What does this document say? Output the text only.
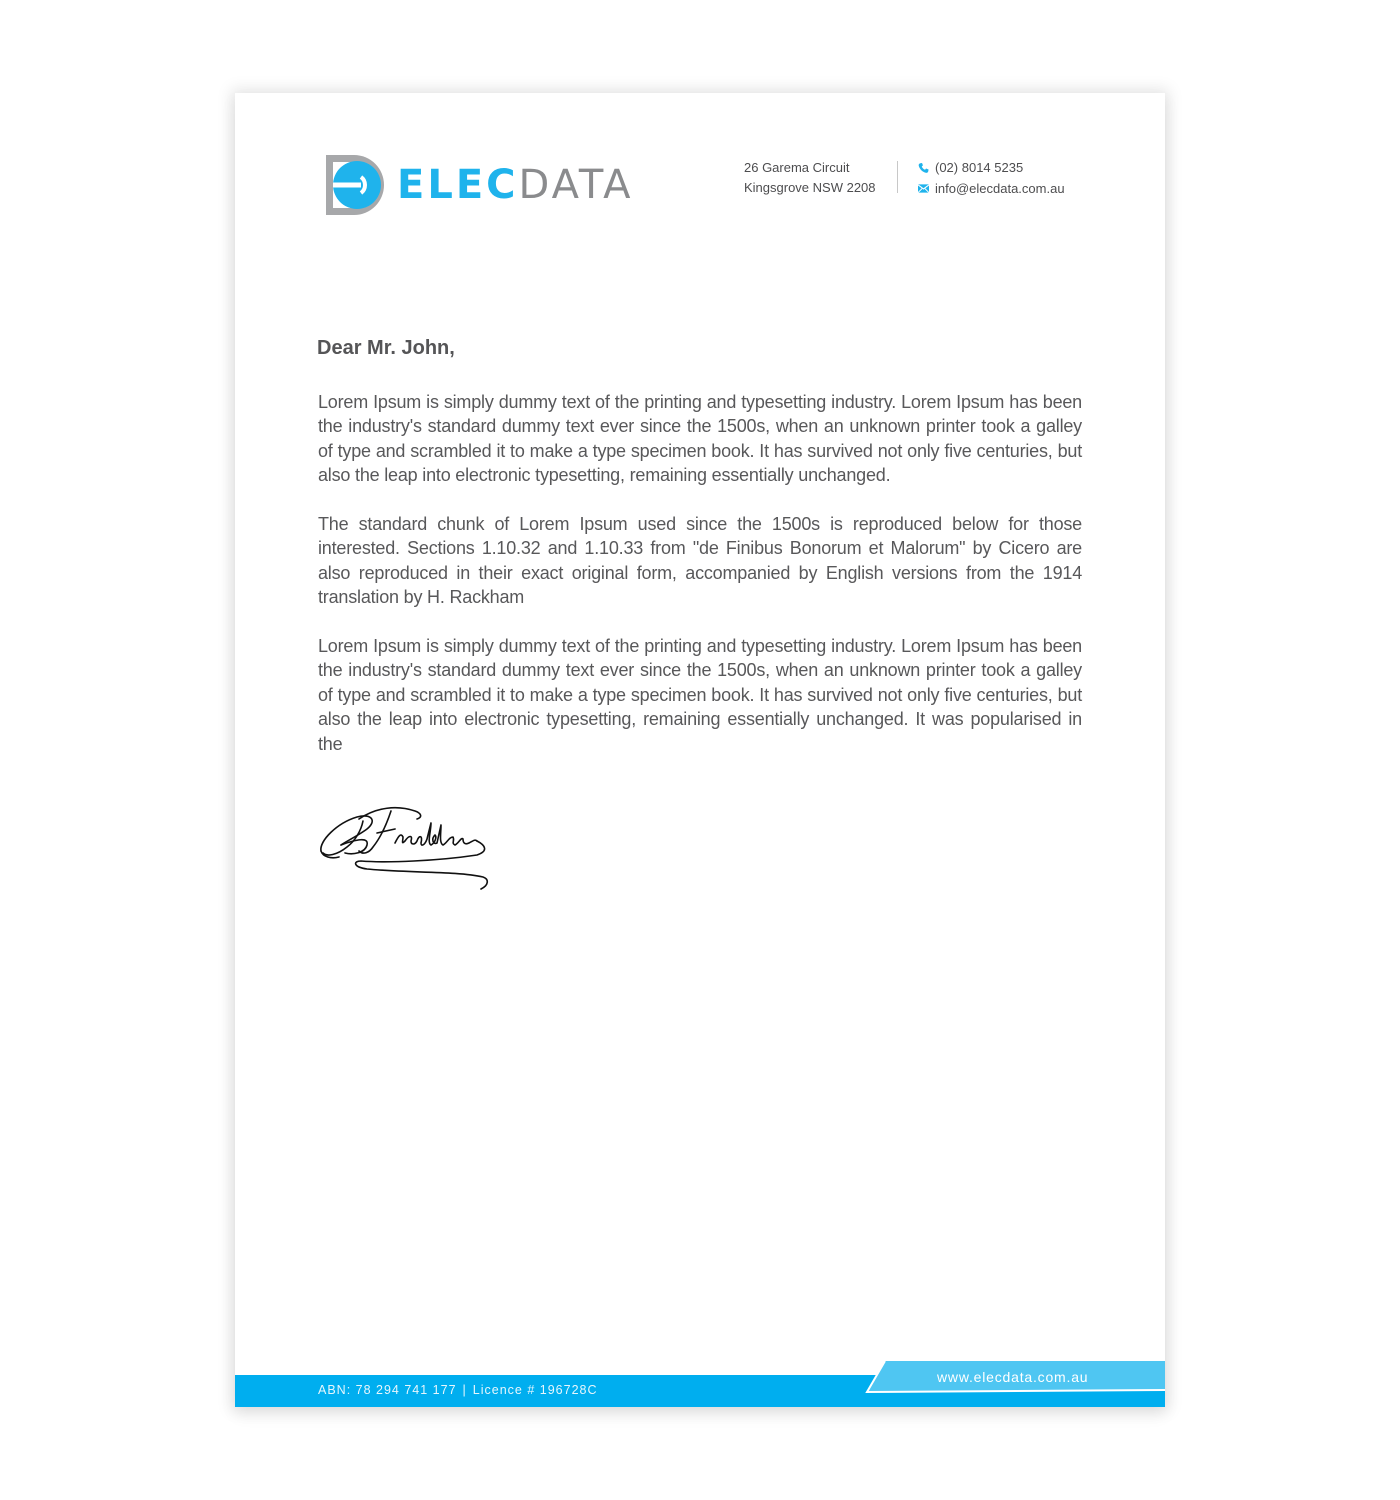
ELECDATA	26 Garema Circuit
Kingsgrove NSW 2208
(02) 8014 5235
info@elecdata.com.au
Dear Mr. John,

Lorem Ipsum is simply dummy text of the printing and typesetting industry. Lorem Ipsum has been the industry's standard dummy text ever since the 1500s, when an unknown printer took a galley of type and scrambled it to make a type specimen book. It has survived not only five centuries, but also the leap into electronic typesetting, remaining essentially unchanged.

The standard chunk of Lorem Ipsum used since the 1500s is reproduced below for those interested. Sections 1.10.32 and 1.10.33 from "de Finibus Bonorum et Malorum" by Cicero are also reproduced in their exact original form, accompanied by English versions from the 1914 translation by H. Rackham

Lorem Ipsum is simply dummy text of the printing and typesetting industry. Lorem Ipsum has been the industry's standard dummy text ever since the 1500s, when an unknown printer took a galley of type and scrambled it to make a type specimen book. It has survived not only five centuries, but also the leap into electronic typesetting, remaining essentially unchanged. It was popularised in the

ABN: 78 294 741 177 | Licence # 196728C
www.elecdata.com.au
